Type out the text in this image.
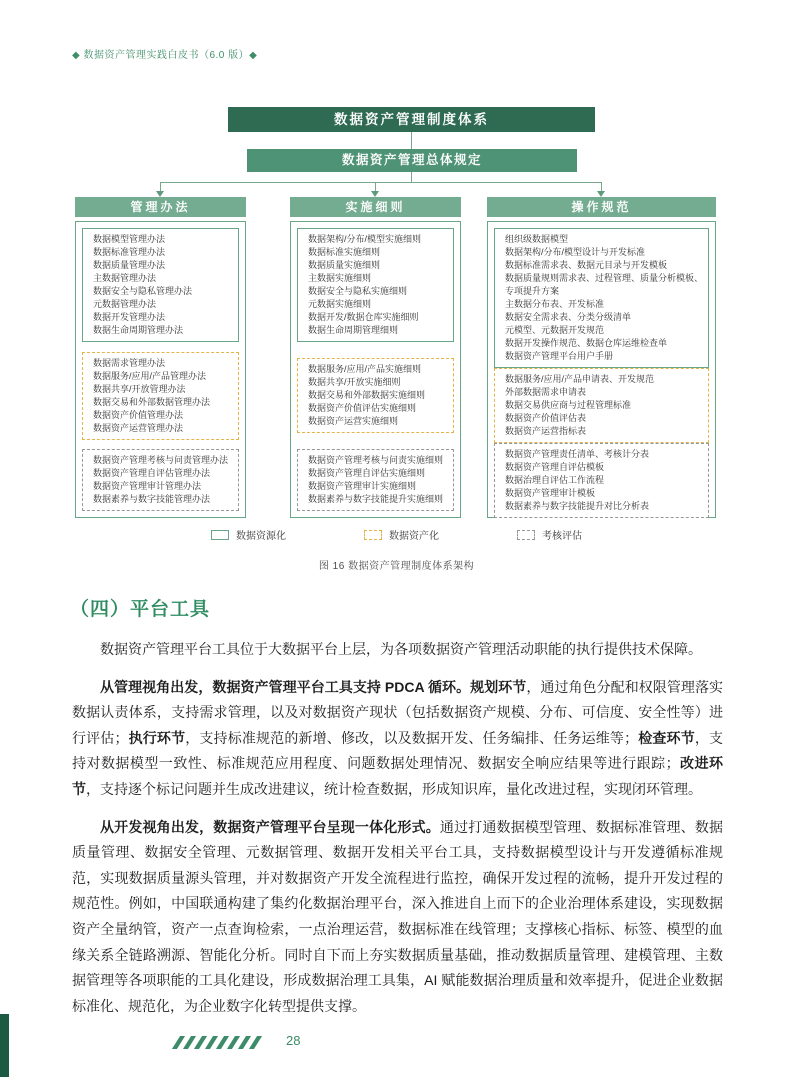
◆ 数据资产管理实践白皮书（6.0 版）◆
数据资产管理制度体系
数据资产管理总体规定
管理办法
数据模型管理办法
数据标准管理办法
数据质量管理办法
主数据管理办法
数据安全与隐私管理办法
元数据管理办法
数据开发管理办法
数据生命周期管理办法
数据需求管理办法
数据服务/应用/产品管理办法
数据共享/开放管理办法
数据交易和外部数据管理办法
数据资产价值管理办法
数据资产运营管理办法
数据资产管理考核与问责管理办法
数据资产管理自评估管理办法
数据资产管理审计管理办法
数据素养与数字技能管理办法
实施细则
数据架构/分布/模型实施细则
数据标准实施细则
数据质量实施细则
主数据实施细则
数据安全与隐私实施细则
元数据实施细则
数据开发/数据仓库实施细则
数据生命周期管理细则
数据服务/应用/产品实施细则
数据共享/开放实施细则
数据交易和外部数据实施细则
数据资产价值评估实施细则
数据资产运营实施细则
数据资产管理考核与问责实施细则
数据资产管理自评估实施细则
数据资产管理审计实施细则
数据素养与数字技能提升实施细则
操作规范
组织级数据模型
数据架构/分布/模型设计与开发标准
数据标准需求表、数据元目录与开发模板
数据质量规则需求表、过程管理、质量分析模板、专项提升方案
主数据分布表、开发标准
数据安全需求表、分类分级清单
元模型、元数据开发规范
数据开发操作规范、数据仓库运维检查单
数据资产管理平台用户手册
数据服务/应用/产品申请表、开发规范
外部数据需求申请表
数据交易供应商与过程管理标准
数据资产价值评估表
数据资产运营指标表
数据资产管理责任清单、考核计分表
数据资产管理自评估模板
数据治理自评估工作流程
数据资产管理审计模板
数据素养与数字技能提升对比分析表
数据资源化	数据资产化	考核评估
图 16 数据资产管理制度体系架构
（四）平台工具

数据资产管理平台工具位于大数据平台上层，为各项数据资产管理活动职能的执行提供技术保障。

从管理视角出发，数据资产管理平台工具支持 PDCA 循环。规划环节，通过角色分配和权限管理落实数据认责体系，支持需求管理，以及对数据资产现状（包括数据资产规模、分布、可信度、安全性等）进行评估；执行环节，支持标准规范的新增、修改，以及数据开发、任务编排、任务运维等；检查环节，支持对数据模型一致性、标准规范应用程度、问题数据处理情况、数据安全响应结果等进行跟踪；改进环节，支持逐个标记问题并生成改进建议，统计检查数据，形成知识库，量化改进过程，实现闭环管理。

从开发视角出发，数据资产管理平台呈现一体化形式。通过打通数据模型管理、数据标准管理、数据质量管理、数据安全管理、元数据管理、数据开发相关平台工具，支持数据模型设计与开发遵循标准规范，实现数据质量源头管理，并对数据资产开发全流程进行监控，确保开发过程的流畅，提升开发过程的规范性。例如，中国联通构建了集约化数据治理平台，深入推进自上而下的企业治理体系建设，实现数据资产全量纳管，资产一点查询检索，一点治理运营，数据标准在线管理；支撑核心指标、标签、模型的血缘关系全链路溯源、智能化分析。同时自下而上夯实数据质量基础，推动数据质量管理、建模管理、主数据管理等各项职能的工具化建设，形成数据治理工具集，AI 赋能数据治理质量和效率提升，促进企业数据标准化、规范化，为企业数字化转型提供支撑。

28
